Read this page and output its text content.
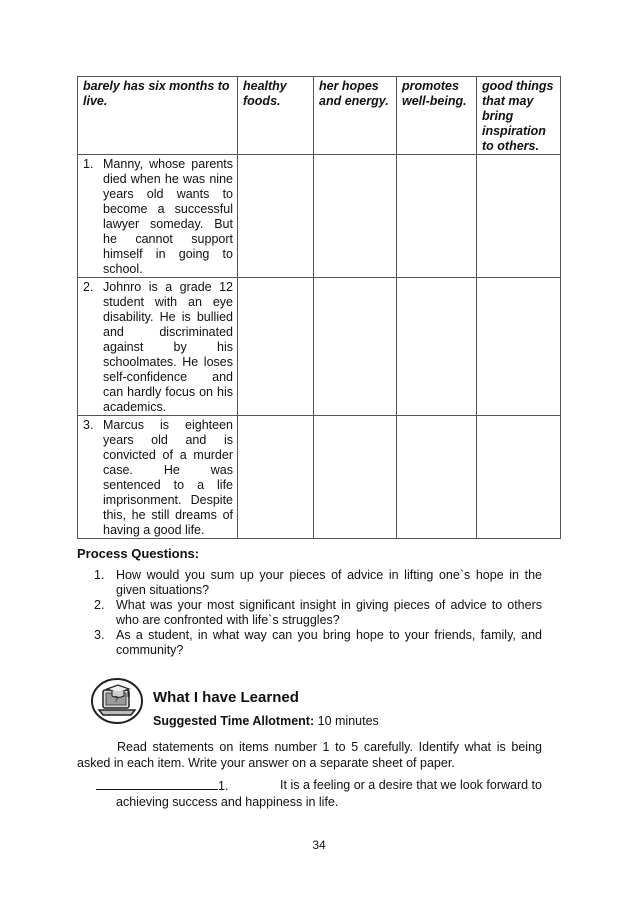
barely has six months to live.	healthy foods.	her hopes and energy.	promotes well-being.	good things that may bring inspiration to others.

1. Manny, whose parents died when he was nine years old wants to become a successful lawyer someday. But he cannot support himself in going to school.				

2. Johnro is a grade 12 student with an eye disability. He is bullied and discriminated against by his schoolmates. He loses self-confidence and can hardly focus on his academics.				

3. Marcus is eighteen years old and is convicted of a murder case. He was sentenced to a life imprisonment. Despite this, he still dreams of having a good life.				

Process Questions:
1. How would you sum up your pieces of advice in lifting one`s hope in the given situations?
2. What was your most significant insight in giving pieces of advice to others who are confronted with life`s struggles?
3. As a student, in what way can you bring hope to your friends, family, and community?
? What I have Learned
Suggested Time Allotment: 10 minutes

Read statements on items number 1 to 5 carefully. Identify what is being asked in each item. Write your answer on a separate sheet of paper.

1.	It is a feeling or a desire that we look forward to
achieving success and happiness in life.
34
